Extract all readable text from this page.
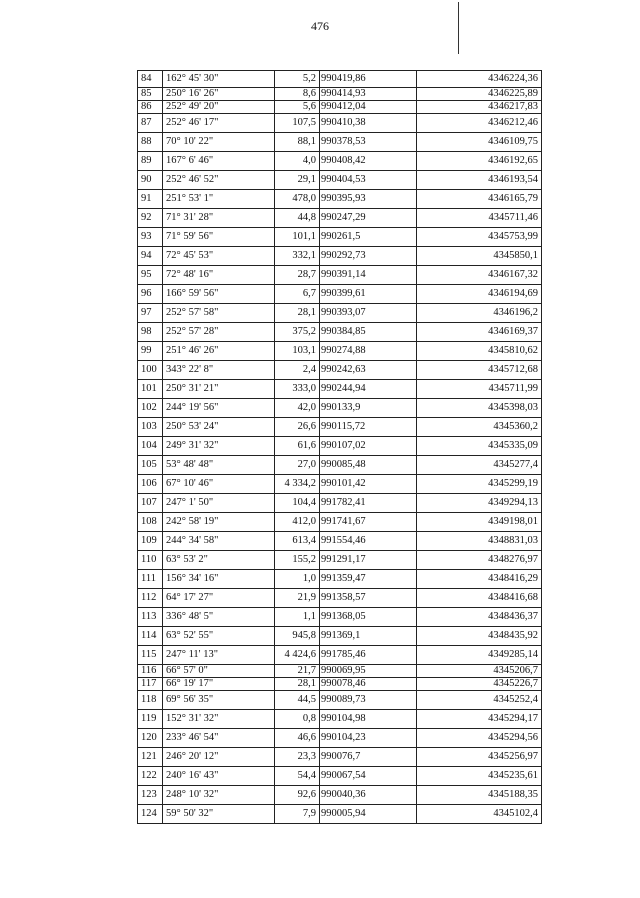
476
84	162° 45' 30"	5,2	990419,86	4346224,36
85	250° 16' 26"	8,6	990414,93	4346225,89
86	252° 49' 20"	5,6	990412,04	4346217,83
87	252° 46' 17"	107,5	990410,38	4346212,46
88	70° 10' 22"	88,1	990378,53	4346109,75
89	167° 6' 46"	4,0	990408,42	4346192,65
90	252° 46' 52"	29,1	990404,53	4346193,54
91	251° 53' 1"	478,0	990395,93	4346165,79
92	71° 31' 28"	44,8	990247,29	4345711,46
93	71° 59' 56"	101,1	990261,5	4345753,99
94	72° 45' 53"	332,1	990292,73	4345850,1
95	72° 48' 16"	28,7	990391,14	4346167,32
96	166° 59' 56"	6,7	990399,61	4346194,69
97	252° 57' 58"	28,1	990393,07	4346196,2
98	252° 57' 28"	375,2	990384,85	4346169,37
99	251° 46' 26"	103,1	990274,88	4345810,62
100	343° 22' 8"	2,4	990242,63	4345712,68
101	250° 31' 21"	333,0	990244,94	4345711,99
102	244° 19' 56"	42,0	990133,9	4345398,03
103	250° 53' 24"	26,6	990115,72	4345360,2
104	249° 31' 32"	61,6	990107,02	4345335,09
105	53° 48' 48"	27,0	990085,48	4345277,4
106	67° 10' 46"	4 334,2	990101,42	4345299,19
107	247° 1' 50"	104,4	991782,41	4349294,13
108	242° 58' 19"	412,0	991741,67	4349198,01
109	244° 34' 58"	613,4	991554,46	4348831,03
110	63° 53' 2"	155,2	991291,17	4348276,97
111	156° 34' 16"	1,0	991359,47	4348416,29
112	64° 17' 27"	21,9	991358,57	4348416,68
113	336° 48' 5"	1,1	991368,05	4348436,37
114	63° 52' 55"	945,8	991369,1	4348435,92
115	247° 11' 13"	4 424,6	991785,46	4349285,14
116	66° 57' 0"	21,7	990069,95	4345206,7
117	66° 19' 17"	28,1	990078,46	4345226,7
118	69° 56' 35"	44,5	990089,73	4345252,4
119	152° 31' 32"	0,8	990104,98	4345294,17
120	233° 46' 54"	46,6	990104,23	4345294,56
121	246° 20' 12"	23,3	990076,7	4345256,97
122	240° 16' 43"	54,4	990067,54	4345235,61
123	248° 10' 32"	92,6	990040,36	4345188,35
124	59° 50' 32"	7,9	990005,94	4345102,4
